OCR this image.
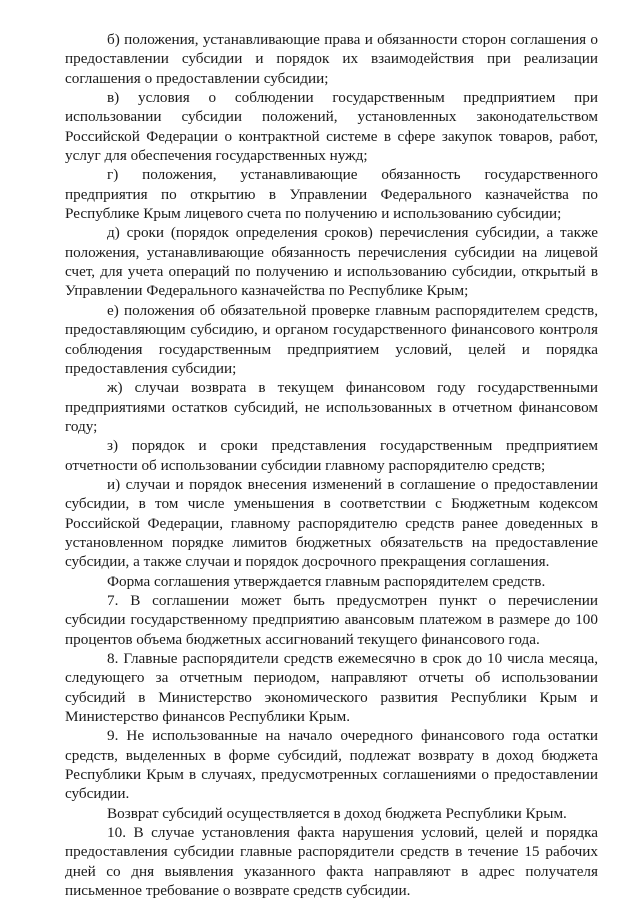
б) положения, устанавливающие права и обязанности сторон соглашения о предоставлении субсидии и порядок их взаимодействия при реализации соглашения о предоставлении субсидии;

в) условия о соблюдении государственным предприятием при использовании субсидии положений, установленных законодательством Российской Федерации о контрактной системе в сфере закупок товаров, работ, услуг для обеспечения государственных нужд;

г) положения, устанавливающие обязанность государственного предприятия по открытию в Управлении Федерального казначейства по Республике Крым лицевого счета по получению и использованию субсидии;

д) сроки (порядок определения сроков) перечисления субсидии, а также положения, устанавливающие обязанность перечисления субсидии на лицевой счет, для учета операций по получению и использованию субсидии, открытый в Управлении Федерального казначейства по Республике Крым;

е) положения об обязательной проверке главным распорядителем средств, предоставляющим субсидию, и органом государственного финансового контроля соблюдения государственным предприятием условий, целей и порядка предоставления субсидии;

ж) случаи возврата в текущем финансовом году государственными предприятиями остатков субсидий, не использованных в отчетном финансовом году;

з) порядок и сроки представления государственным предприятием отчетности об использовании субсидии главному распорядителю средств;

и) случаи и порядок внесения изменений в соглашение о предоставлении субсидии, в том числе уменьшения в соответствии с Бюджетным кодексом Российской Федерации, главному распорядителю средств ранее доведенных в установленном порядке лимитов бюджетных обязательств на предоставление субсидии, а также случаи и порядок досрочного прекращения соглашения.

Форма соглашения утверждается главным распорядителем средств.

7. В соглашении может быть предусмотрен пункт о перечислении субсидии государственному предприятию авансовым платежом в размере до 100 процентов объема бюджетных ассигнований текущего финансового года.

8. Главные распорядители средств ежемесячно в срок до 10 числа месяца, следующего за отчетным периодом, направляют отчеты об использовании субсидий в Министерство экономического развития Республики Крым и Министерство финансов Республики Крым.

9. Не использованные на начало очередного финансового года остатки средств, выделенных в форме субсидий, подлежат возврату в доход бюджета Республики Крым в случаях, предусмотренных соглашениями о предоставлении субсидии.

Возврат субсидий осуществляется в доход бюджета Республики Крым.

10. В случае установления факта нарушения условий, целей и порядка предоставления субсидии главные распорядители средств в течение 15 рабочих дней со дня выявления указанного факта направляют в адрес получателя письменное требование о возврате средств субсидии.
